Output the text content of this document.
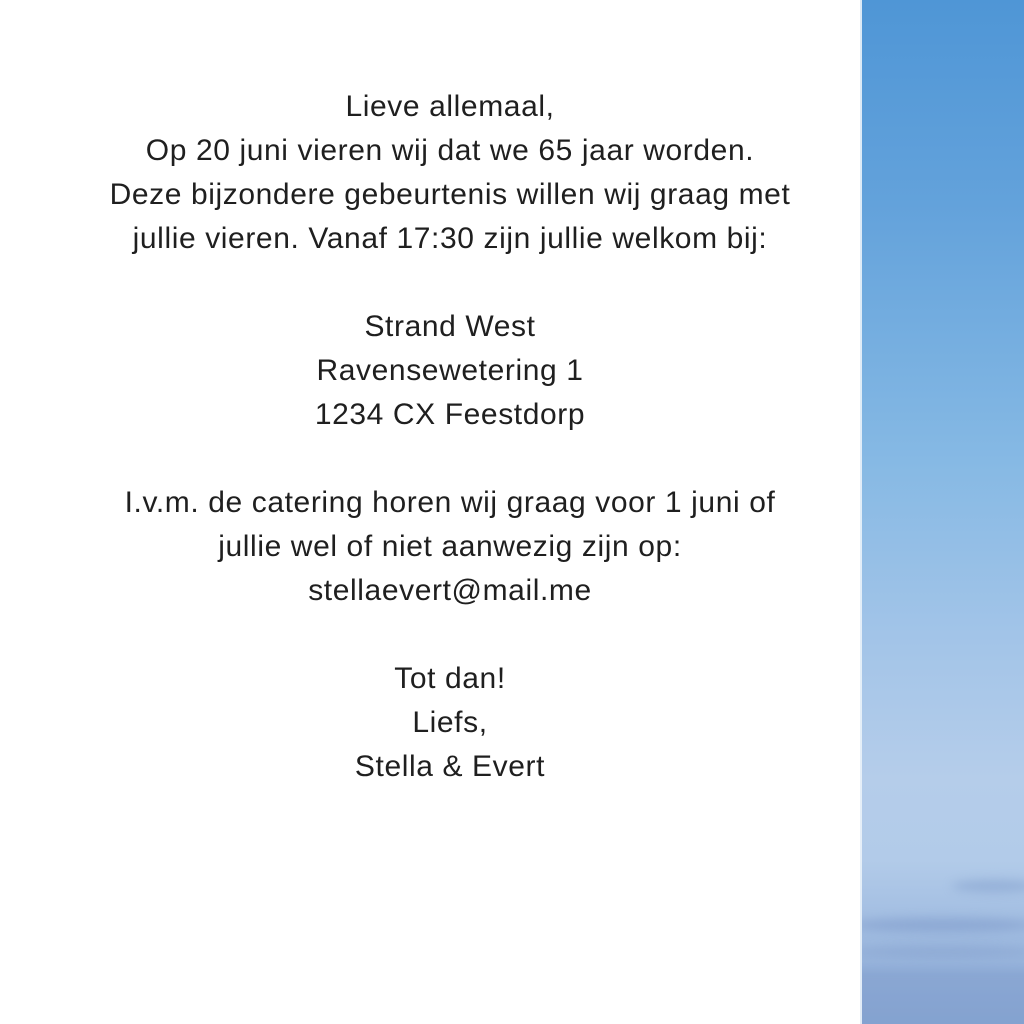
Lieve allemaal,

Op 20 juni vieren wij dat we 65 jaar worden.

Deze bijzondere gebeurtenis willen wij graag met

jullie vieren. Vanaf 17:30 zijn jullie welkom bij:

Strand West

Ravensewetering 1

1234 CX Feestdorp

I.v.m. de catering horen wij graag voor 1 juni of

jullie wel of niet aanwezig zijn op:

stellaevert@mail.me

Tot dan!

Liefs,

Stella & Evert
